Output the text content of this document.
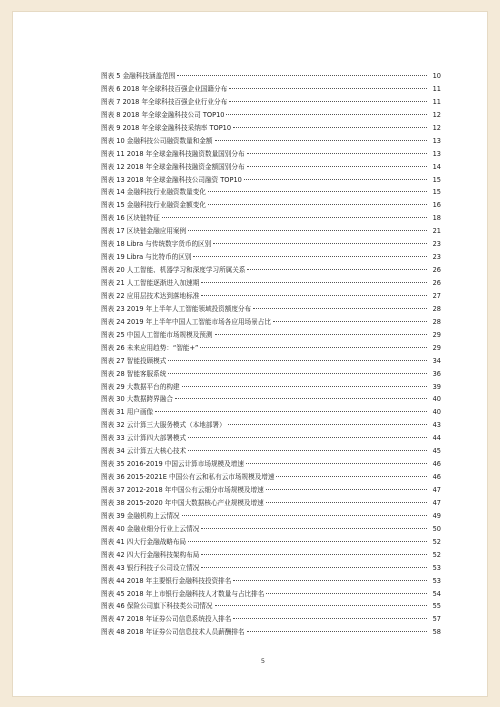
图表 5 金融科技涵盖范围	10
图表 6 2018 年全球科技百强企业国籍分布	11
图表 7 2018 年全球科技百强企业行业分布	11
图表 8 2018 年全球金融科技公司 TOP10	12
图表 9 2018 年全球金融科技采纳率 TOP10	12
图表 10 金融科技公司融资数量和金额	13
图表 11 2018 年全球金融科技融资数量国别分布	13
图表 12 2018 年全球金融科技融资金额国别分布	14
图表 13 2018 年全球金融科技公司融资 TOP10	15
图表 14 金融科技行业融资数量变化	15
图表 15 金融科技行业融资金额变化	16
图表 16 区块链特征	18
图表 17 区块链金融应用案例	21
图表 18 Libra 与传统数字货币的区别	23
图表 19 Libra 与比特币的区别	23
图表 20 人工智能、机器学习和深度学习所属关系	26
图表 21 人工智能逐渐进入加速期	26
图表 22 应用层技术达到落地标准	27
图表 23 2019 年上半年人工智能领域投资额度分布	28
图表 24 2019 年上半年中国人工智能市场各应用场景占比	28
图表 25 中国人工智能市场规模及预测	29
图表 26 未来应用趋势：“智能+”	29
图表 27 智能投顾模式	34
图表 28 智能客服系统	36
图表 29 大数据平台的构建	39
图表 30 大数据跨界融合	40
图表 31 用户画像	40
图表 32 云计算三大服务模式（本地部署）	43
图表 33 云计算四大部署模式	44
图表 34 云计算五大核心技术	45
图表 35 2016-2019 中国云计算市场规模及增速	46
图表 36 2015-2021E 中国公有云和私有云市场规模及增速	46
图表 37 2012-2018 年中国公有云细分市场规模及增速	47
图表 38 2015-2020 年中国大数据核心产业规模及增速	47
图表 39 金融机构上云情况	49
图表 40 金融业细分行业上云情况	50
图表 41 四大行金融战略布局	52
图表 42 四大行金融科技架构布局	52
图表 43 银行科技子公司设立情况	53
图表 44 2018 年主要银行金融科技投资排名	53
图表 45 2018 年上市银行金融科技人才数量与占比排名	54
图表 46 保险公司旗下科技类公司情况	55
图表 47 2018 年证券公司信息系统投入排名	57
图表 48 2018 年证券公司信息技术人员薪酬排名	58
5
